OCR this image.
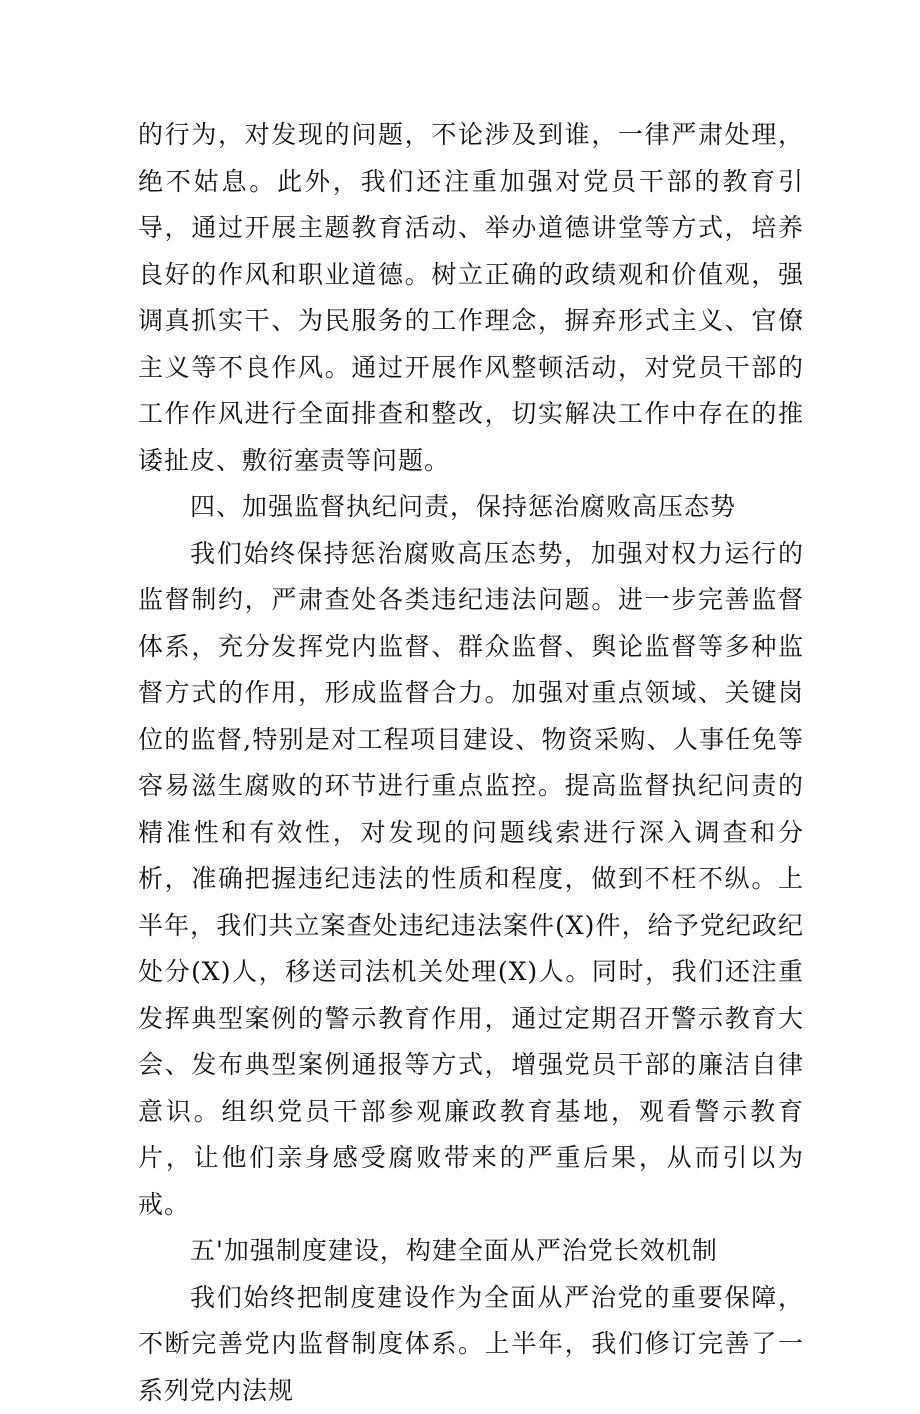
的行为，对发现的问题，不论涉及到谁，一律严肃处理，绝不姑息。此外，我们还注重加强对党员干部的教育引导，通过开展主题教育活动、举办道德讲堂等方式，培养良好的作风和职业道德。树立正确的政绩观和价值观，强调真抓实干、为民服务的工作理念，摒弃形式主义、官僚主义等不良作风。通过开展作风整顿活动，对党员干部的工作作风进行全面排查和整改，切实解决工作中存在的推诿扯皮、敷衍塞责等问题。

四、加强监督执纪问责，保持惩治腐败高压态势

我们始终保持惩治腐败高压态势，加强对权力运行的监督制约，严肃查处各类违纪违法问题。进一步完善监督体系，充分发挥党内监督、群众监督、舆论监督等多种监督方式的作用，形成监督合力。加强对重点领域、关键岗位的监督,特别是对工程项目建设、物资采购、人事任免等容易滋生腐败的环节进行重点监控。提高监督执纪问责的精准性和有效性，对发现的问题线索进行深入调查和分析，准确把握违纪违法的性质和程度，做到不枉不纵。上半年，我们共立案查处违纪违法案件(X)件，给予党纪政纪处分(X)人，移送司法机关处理(X)人。同时，我们还注重发挥典型案例的警示教育作用，通过定期召开警示教育大会、发布典型案例通报等方式，增强党员干部的廉洁自律意识。组织党员干部参观廉政教育基地，观看警示教育片，让他们亲身感受腐败带来的严重后果，从而引以为戒。

五'加强制度建设，构建全面从严治党长效机制

我们始终把制度建设作为全面从严治党的重要保障，不断完善党内监督制度体系。上半年，我们修订完善了一系列党内法规
